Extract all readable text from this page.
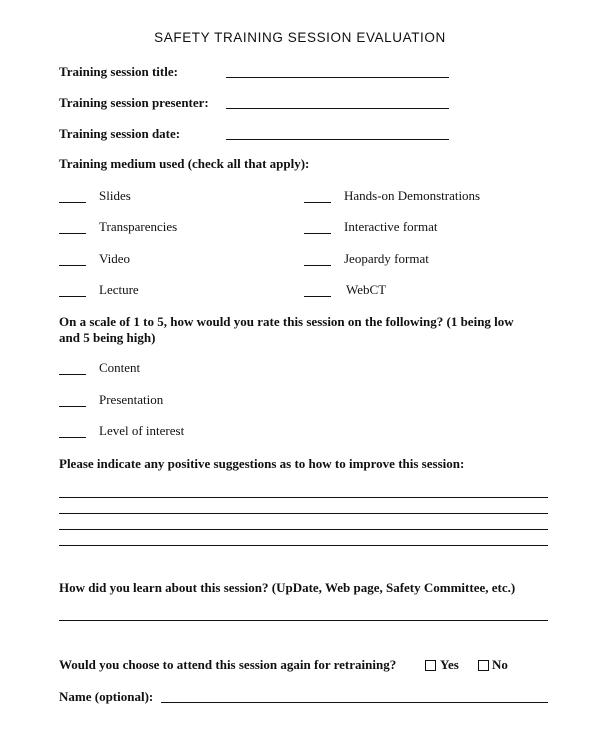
SAFETY TRAINING SESSION EVALUATION
Training session title:
Training session presenter:
Training session date:
Training medium used (check all that apply):
Slides	Hands-on Demonstrations
Transparencies	Interactive format
Video	Jeopardy format
Lecture	WebCT
On a scale of 1 to 5, how would you rate this session on the following? (1 being low
and 5 being high)
Content
Presentation
Level of interest
Please indicate any positive suggestions as to how to improve this session:
How did you learn about this session? (UpDate, Web page, Safety Committee, etc.)
Would you choose to attend this session again for retraining?	Yes	No
Name (optional):
